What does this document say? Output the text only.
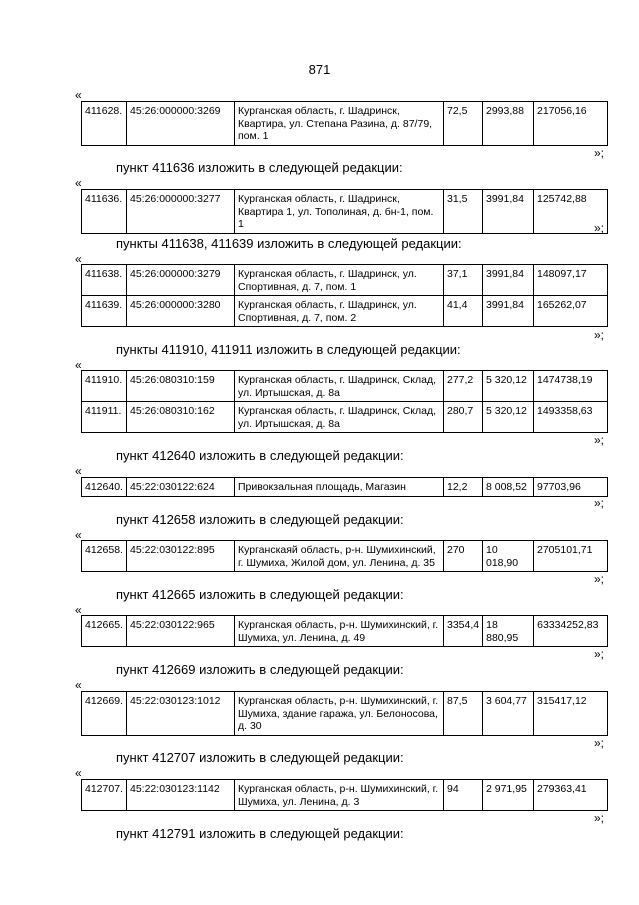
871
«
411628.	45:26:000000:3269	Курганская область, г. Шадринск, Квартира, ул. Степана Разина, д. 87/79, пом. 1	72,5	2993,88	217056,16
»;
пункт 411636 изложить в следующей редакции:
«
411636.	45:26:000000:3277	Курганская область, г. Шадринск, Квартира 1, ул. Тополиная, д. бн-1, пом. 1	31,5	3991,84	125742,88
»;
пункты 411638, 411639 изложить в следующей редакции:
«
411638.	45:26:000000:3279	Курганская область, г. Шадринск, ул. Спортивная, д. 7, пом. 1	37,1	3991,84	148097,17
411639.	45:26:000000:3280	Курганская область, г. Шадринск, ул. Спортивная, д. 7, пом. 2	41,4	3991,84	165262,07
»;
пункты 411910, 411911 изложить в следующей редакции:
«
411910.	45:26:080310:159	Курганская область, г. Шадринск, Склад, ул. Иртышская, д. 8а	277,2	5 320,12	1474738,19
411911.	45:26:080310:162	Курганская область, г. Шадринск, Склад, ул. Иртышская, д. 8а	280,7	5 320,12	1493358,63
»;
пункт 412640 изложить в следующей редакции:
«
412640.	45:22:030122:624	Привокзальная площадь, Магазин	12,2	8 008,52	97703,96
»;
пункт 412658 изложить в следующей редакции:
«
412658.	45:22:030122:895	Курганскаяй область, р-н. Шумихинский, г. Шумиха, Жилой дом, ул. Ленина, д. 35	270	10 018,90	2705101,71
»;
пункт 412665 изложить в следующей редакции:
«
412665.	45:22:030122:965	Курганская область, р-н. Шумихинский, г. Шумиха, ул. Ленина, д. 49	3354,4	18 880,95	63334252,83
»;
пункт 412669 изложить в следующей редакции:
«
412669.	45:22:030123:1012	Курганская область, р-н. Шумихинский, г. Шумиха, здание гаража, ул. Белоносова, д. 30	87,5	3 604,77	315417,12
»;
пункт 412707 изложить в следующей редакции:
«
412707.	45:22:030123:1142	Курганская область, р-н. Шумихинский, г. Шумиха, ул. Ленина, д. 3	94	2 971,95	279363,41
»;
пункт 412791 изложить в следующей редакции:
